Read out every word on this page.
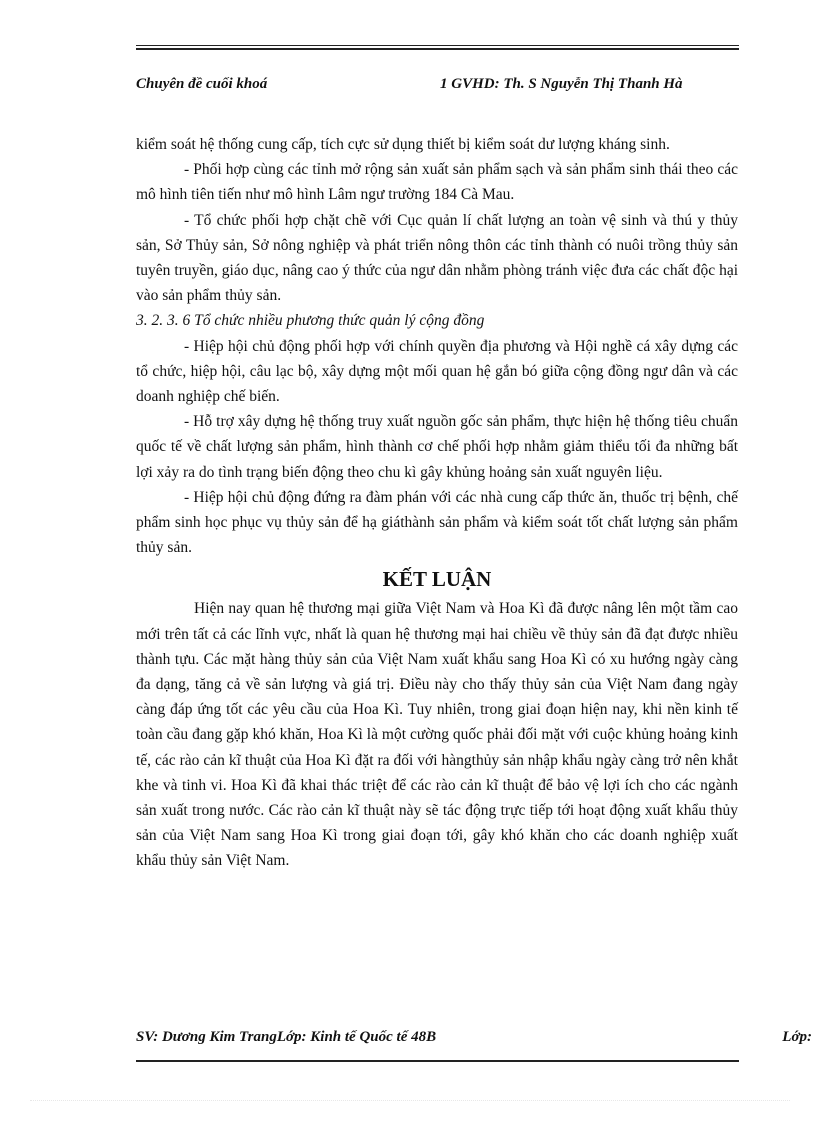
Chuyên đề cuối khoá	1 GVHD: Th. S Nguyễn Thị Thanh Hà

kiểm soát hệ thống cung cấp, tích cực sử dụng thiết bị kiểm soát dư lượng kháng sinh.

- Phối hợp cùng các tỉnh mở rộng sản xuất sản phẩm sạch và sản phẩm sinh thái theo các mô hình tiên tiến như mô hình Lâm ngư trường 184 Cà Mau.

- Tổ chức phối hợp chặt chẽ với Cục quản lí chất lượng an toàn vệ sinh và thú y thủy sản, Sở Thủy sản, Sở nông nghiệp và phát triển nông thôn các tỉnh thành có nuôi trồng thủy sản tuyên truyền, giáo dục, nâng cao ý thức của ngư dân nhằm phòng tránh việc đưa các chất độc hại vào sản phẩm thủy sản.

3. 2. 3. 6 Tổ chức nhiều phương thức quản lý cộng đồng

- Hiệp hội chủ động phối hợp với chính quyền địa phương và Hội nghề cá xây dựng các tổ chức, hiệp hội, câu lạc bộ, xây dựng một mối quan hệ gắn bó giữa cộng đồng ngư dân và các doanh nghiệp chế biến.

- Hỗ trợ xây dựng hệ thống truy xuất nguồn gốc sản phẩm, thực hiện hệ thống tiêu chuẩn quốc tế về chất lượng sản phẩm, hình thành cơ chế phối hợp nhằm giảm thiểu tối đa những bất lợi xảy ra do tình trạng biến động theo chu kì gây khủng hoảng sản xuất nguyên liệu.

- Hiệp hội chủ động đứng ra đàm phán với các nhà cung cấp thức ăn, thuốc trị bệnh, chế phẩm sinh học phục vụ thủy sản để hạ giáthành sản phẩm và kiểm soát tốt chất lượng sản phẩm thủy sản.

KẾT LUẬN

Hiện nay quan hệ thương mại giữa Việt Nam và Hoa Kì đã được nâng lên một tầm cao mới trên tất cả các lĩnh vực, nhất là quan hệ thương mại hai chiều về thủy sản đã đạt được nhiều thành tựu. Các mặt hàng thủy sản của Việt Nam xuất khẩu sang Hoa Kì có xu hướng ngày càng đa dạng, tăng cả về sản lượng và giá trị. Điều này cho thấy thủy sản của Việt Nam đang ngày càng đáp ứng tốt các yêu cầu của Hoa Kì. Tuy nhiên, trong giai đoạn hiện nay, khi nền kinh tế toàn cầu đang gặp khó khăn, Hoa Kì là một cường quốc phải đối mặt với cuộc khủng hoảng kinh tế, các rào cản kĩ thuật của Hoa Kì đặt ra đối với hàngthủy sản nhập khẩu ngày càng trở nên khắt khe và tinh vi. Hoa Kì đã khai thác triệt để các rào cản kĩ thuật để bảo vệ lợi ích cho các ngành sản xuất trong nước. Các rào cản kĩ thuật này sẽ tác động trực tiếp tới hoạt động xuất khẩu thủy sản của Việt Nam sang Hoa Kì trong giai đoạn tới, gây khó khăn cho các doanh nghiệp xuất khẩu thủy sản Việt Nam.

SV: Dương Kim TrangLớp: Kinh tế Quốc tế 48B	Lớp:
